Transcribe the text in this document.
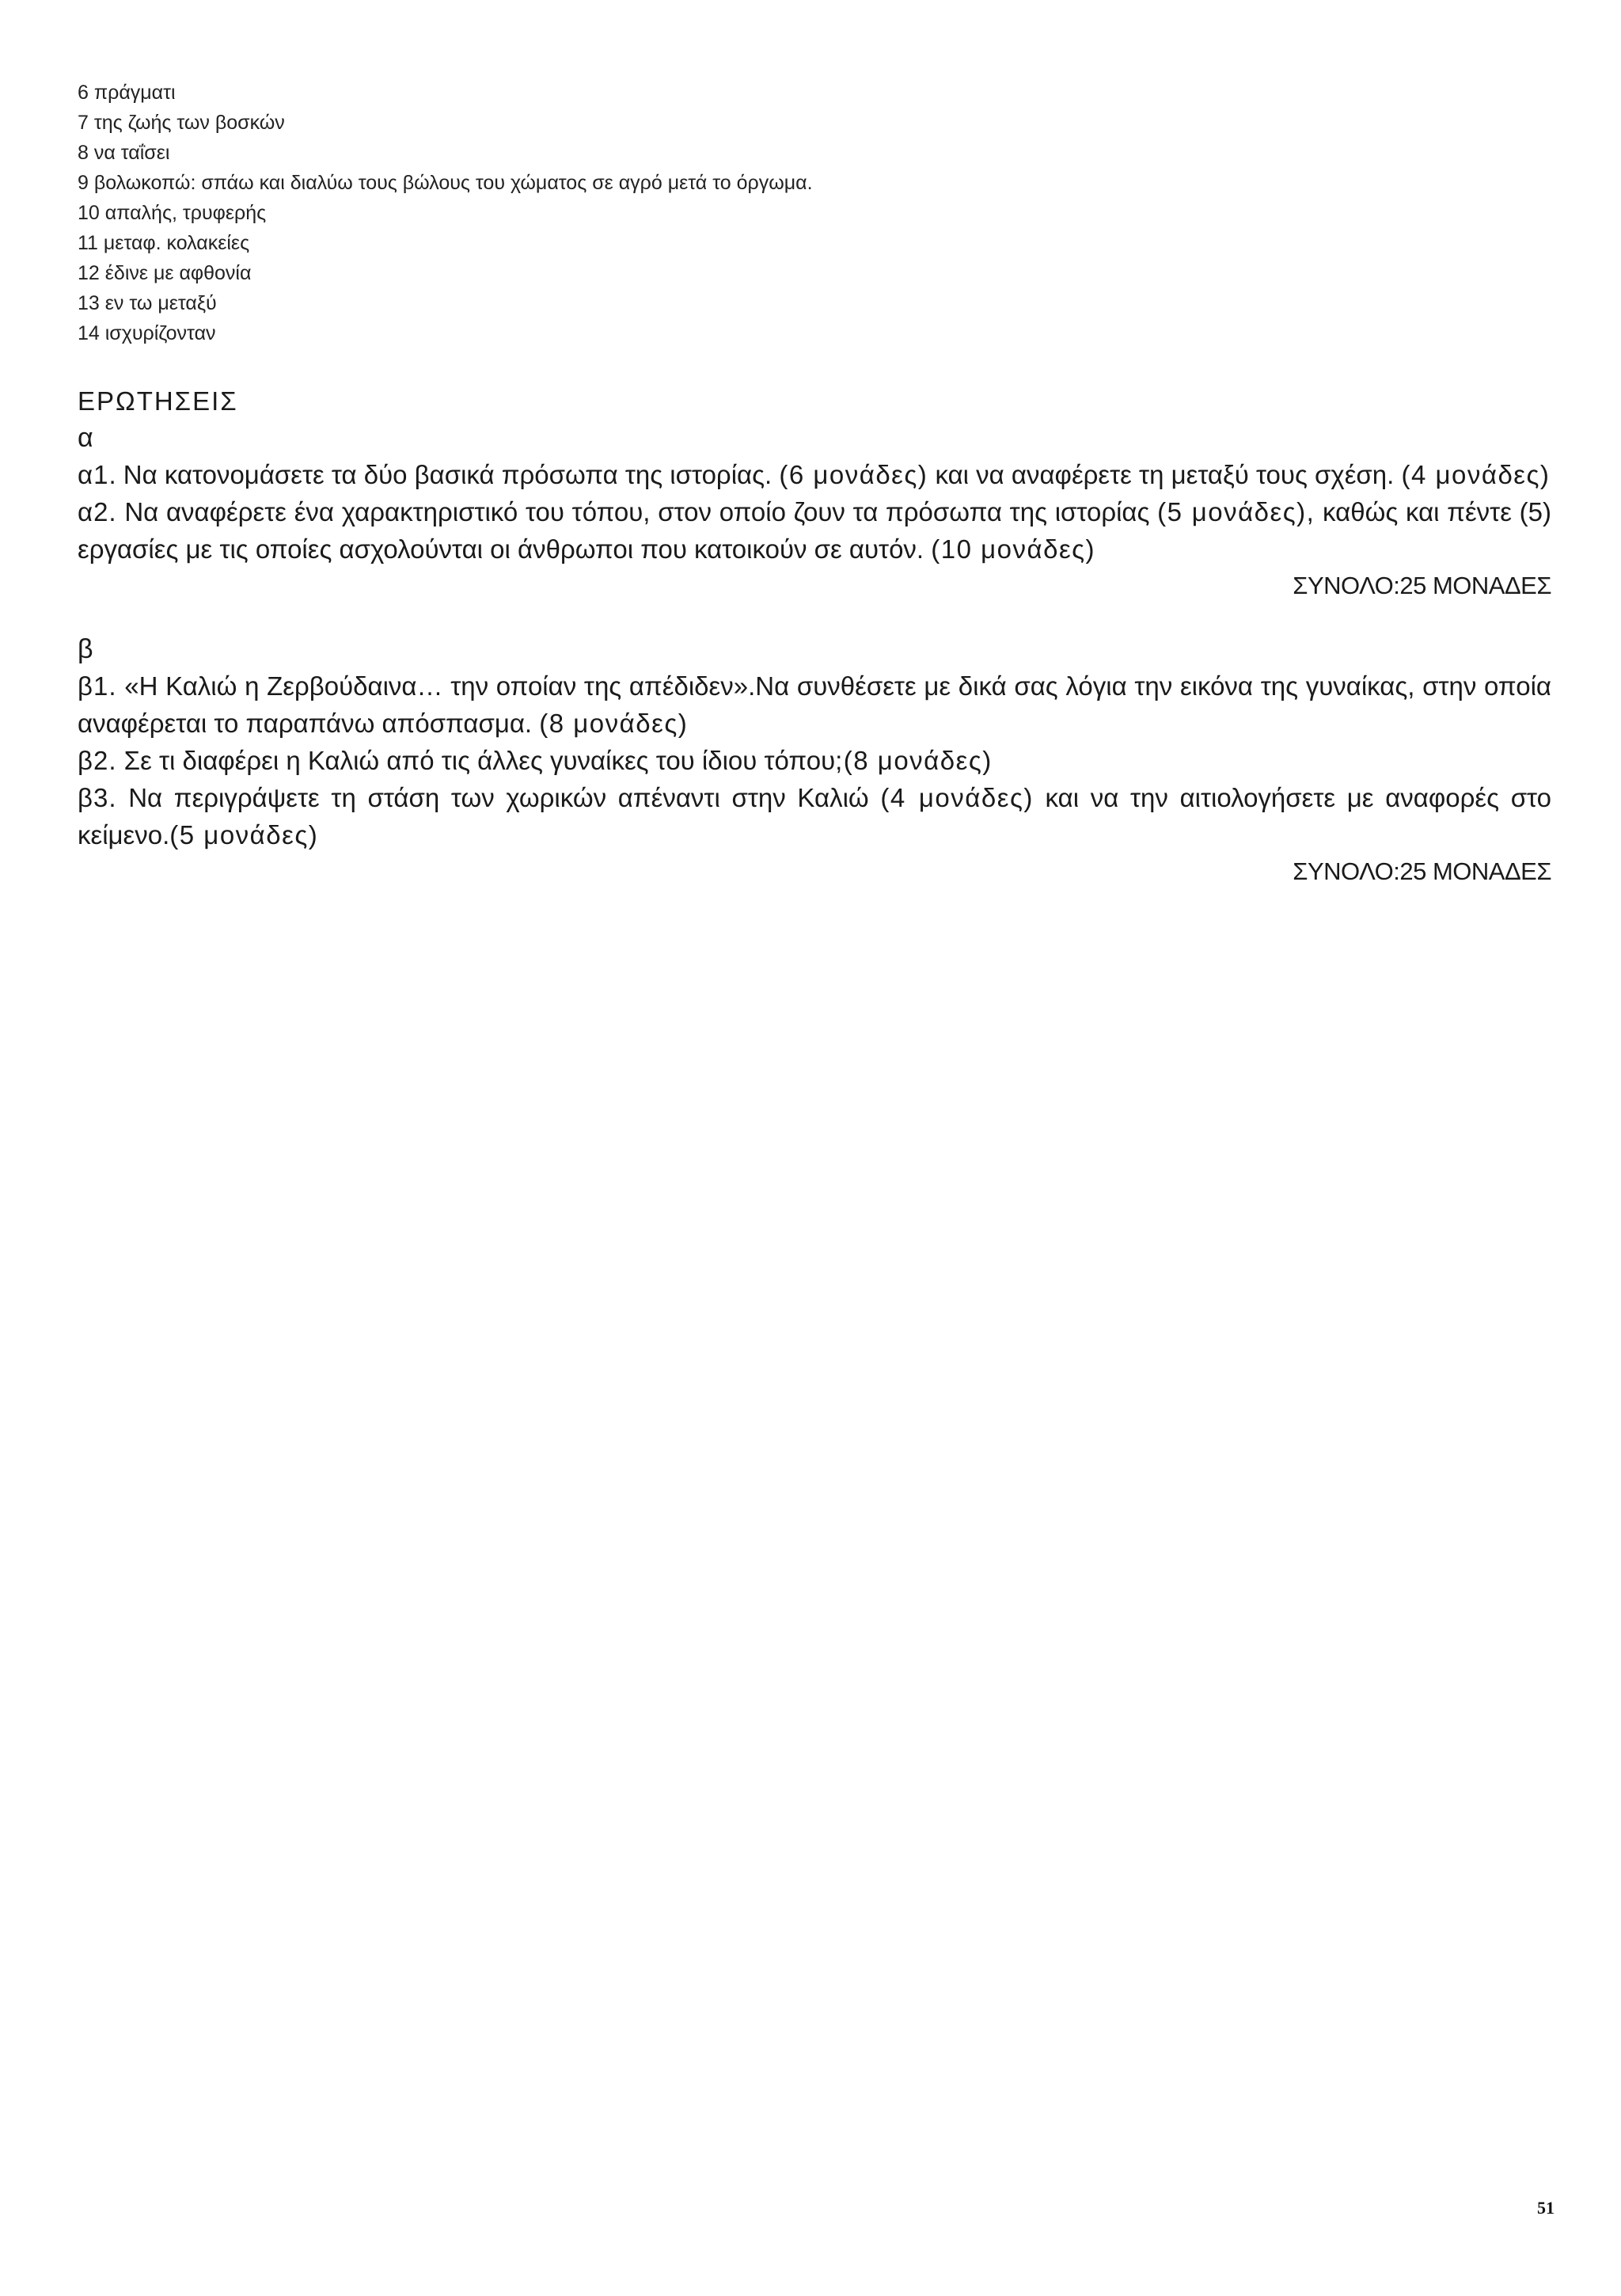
6 πράγματι
7 της ζωής των βοσκών
8 να ταΐσει
9 βολωκοπώ: σπάω και διαλύω τους βώλους του χώματος σε αγρό μετά το όργωμα.
10 απαλής, τρυφερής
11 μεταφ. κολακείες
12 έδινε με αφθονία
13 εν τω μεταξύ
14 ισχυρίζονταν
ΕΡΩΤΗΣΕΙΣ
α
α1. Να κατονομάσετε τα δύο βασικά πρόσωπα της ιστορίας. (6 μονάδες) και να αναφέρετε τη μεταξύ τους σχέση. (4 μονάδες)
α2. Να αναφέρετε ένα χαρακτηριστικό του τόπου, στον οποίο ζουν τα πρόσωπα της ιστορίας (5 μονάδες), καθώς και πέντε (5) εργασίες με τις οποίες ασχολούνται οι άνθρωποι που κατοικούν σε αυτόν. (10 μονάδες)
ΣΥΝΟΛΟ:25 ΜΟΝΑΔΕΣ
β
β1. «Η Καλιώ η Ζερβούδαινα… την οποίαν της απέδιδεν».Να συνθέσετε με δικά σας λόγια την εικόνα της γυναίκας, στην οποία αναφέρεται το παραπάνω απόσπασμα. (8 μονάδες)
β2. Σε τι διαφέρει η Καλιώ από τις άλλες γυναίκες του ίδιου τόπου;(8 μονάδες)
β3. Να περιγράψετε τη στάση των χωρικών απέναντι στην Καλιώ (4 μονάδες) και να την αιτιολογήσετε με αναφορές στο κείμενο.(5 μονάδες)
ΣΥΝΟΛΟ:25 ΜΟΝΑΔΕΣ
51
